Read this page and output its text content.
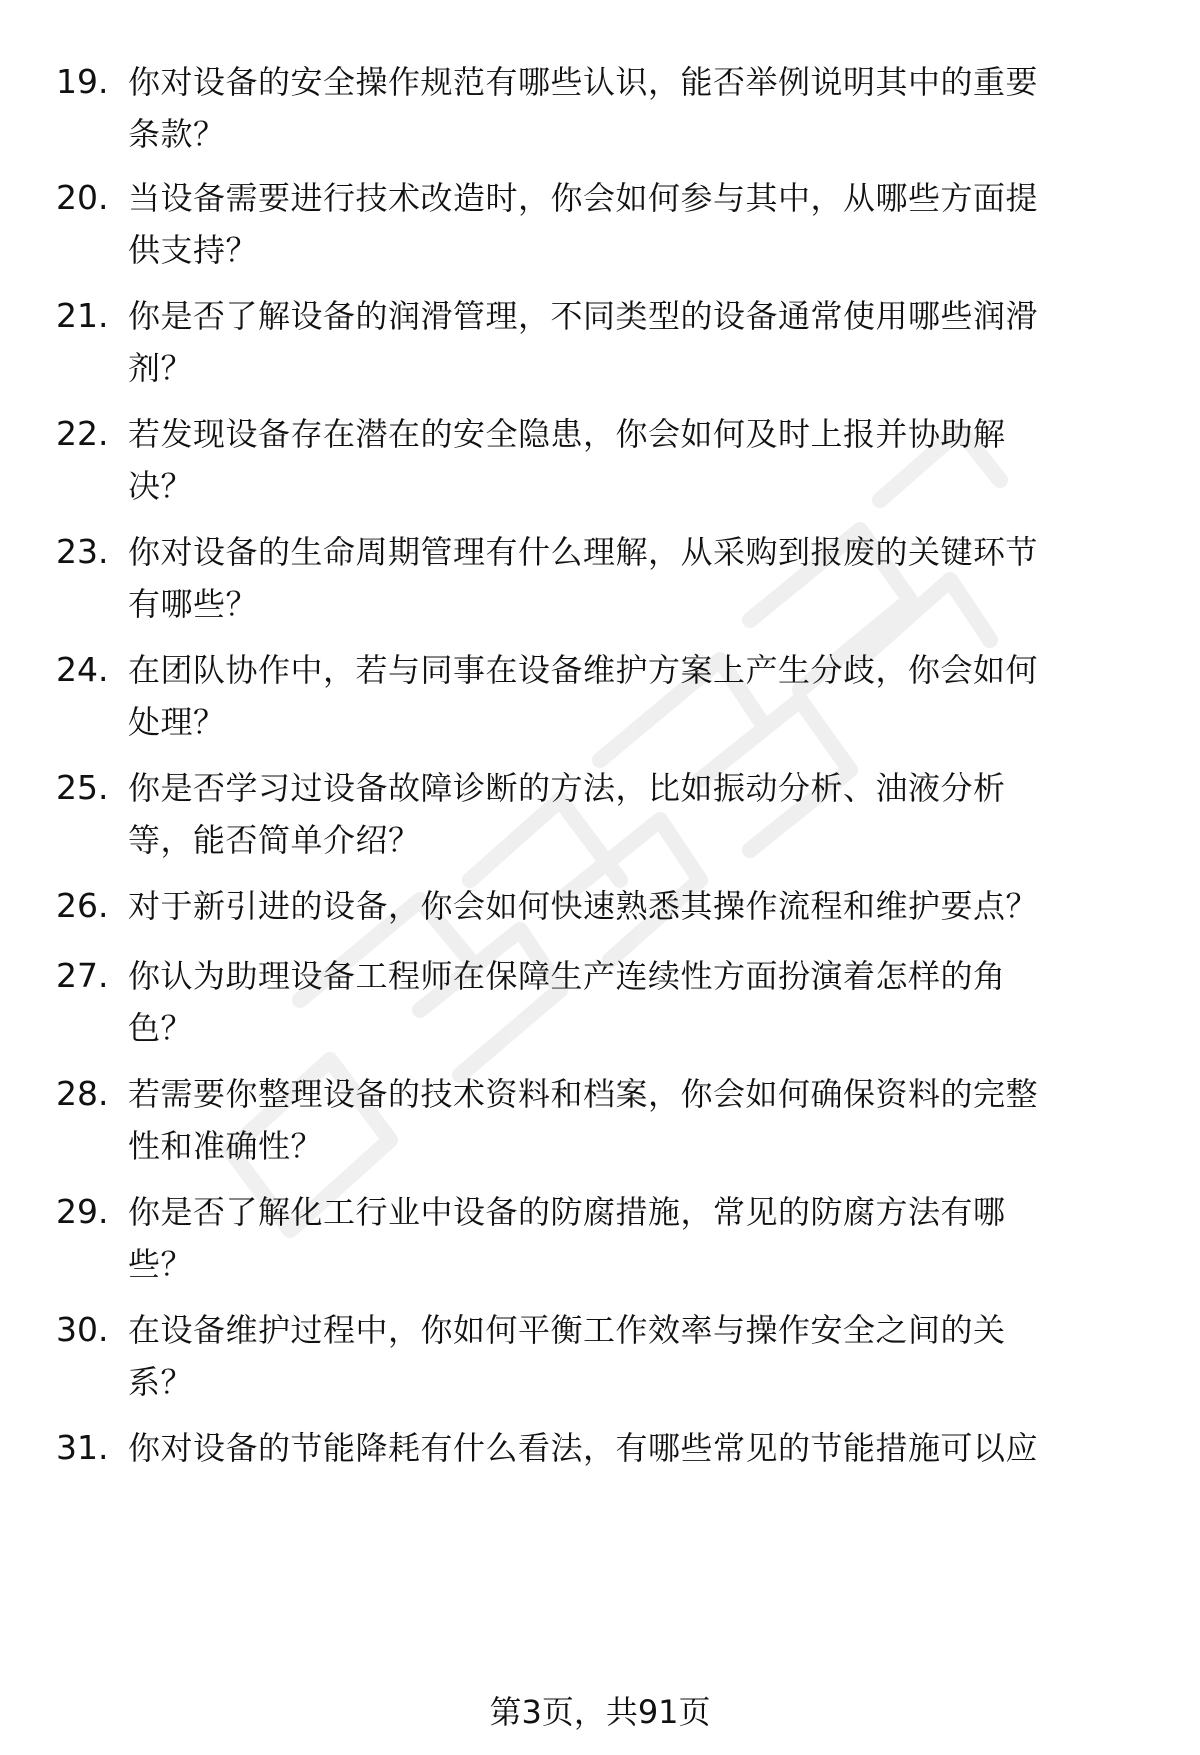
19. 你对设备的安全操作规范有哪些认识，能否举例说明其中的重要
条款？
20. 当设备需要进行技术改造时，你会如何参与其中，从哪些方面提
供支持？
21. 你是否了解设备的润滑管理，不同类型的设备通常使用哪些润滑
剂？
22. 若发现设备存在潜在的安全隐患，你会如何及时上报并协助解
决？
23. 你对设备的生命周期管理有什么理解，从采购到报废的关键环节
有哪些？
24. 在团队协作中，若与同事在设备维护方案上产生分歧，你会如何
处理？
25. 你是否学习过设备故障诊断的方法，比如振动分析、油液分析
等，能否简单介绍？
26. 对于新引进的设备，你会如何快速熟悉其操作流程和维护要点？
27. 你认为助理设备工程师在保障生产连续性方面扮演着怎样的角
色？
28. 若需要你整理设备的技术资料和档案，你会如何确保资料的完整
性和准确性？
29. 你是否了解化工行业中设备的防腐措施，常见的防腐方法有哪
些？
30. 在设备维护过程中，你如何平衡工作效率与操作安全之间的关
系？
31. 你对设备的节能降耗有什么看法，有哪些常见的节能措施可以应
第3页，共91页
